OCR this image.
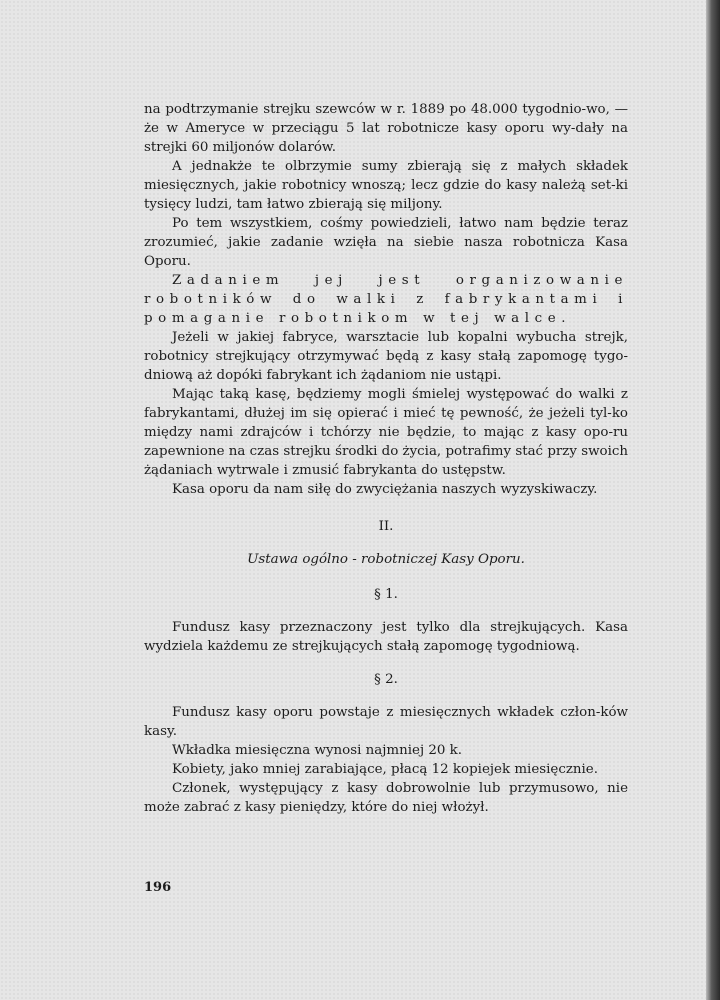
na podtrzymanie strejku szewców w r. 1889 po 48.000 tygodnio-wo, — że w Ameryce w przeciągu 5 lat robotnicze kasy oporu wy-dały na strejki 60 miljonów dolarów.

A jednakże te olbrzymie sumy zbierają się z małych składek miesięcznych, jakie robotnicy wnoszą; lecz gdzie do kasy należą set-ki tysięcy ludzi, tam łatwo zbierają się miljony.

Po tem wszystkiem, cośmy powiedzieli, łatwo nam będzie teraz zrozumieć, jakie zadanie wzięła na siebie nasza robotnicza Kasa Oporu.

Zadaniem jej jest organizowanie robotników do walki z fabrykantami i pomaganie robotnikom w tej walce.

Jeżeli w jakiej fabryce, warsztacie lub kopalni wybucha strejk, robotnicy strejkujący otrzymywać będą z kasy stałą zapomogę tygo-dniową aż dopóki fabrykant ich żądaniom nie ustąpi.

Mając taką kasę, będziemy mogli śmielej występować do walki z fabrykantami, dłużej im się opierać i mieć tę pewność, że jeżeli tyl-ko między nami zdrajców i tchórzy nie będzie, to mając z kasy opo-ru zapewnione na czas strejku środki do życia, potrafimy stać przy swoich żądaniach wytrwale i zmusić fabrykanta do ustępstw.

Kasa oporu da nam siłę do zwyciężania naszych wyzyskiwaczy.

II.
Ustawa ogólno - robotniczej Kasy Oporu.
§ 1.

Fundusz kasy przeznaczony jest tylko dla strejkujących. Kasa wydziela każdemu ze strejkujących stałą zapomogę tygodniową.

§ 2.

Fundusz kasy oporu powstaje z miesięcznych wkładek człon-ków kasy.

Wkładka miesięczna wynosi najmniej 20 k.

Kobiety, jako mniej zarabiające, płacą 12 kopiejek miesięcznie.

Członek, występujący z kasy dobrowolnie lub przymusowo, nie może zabrać z kasy pieniędzy, które do niej włożył.

196
